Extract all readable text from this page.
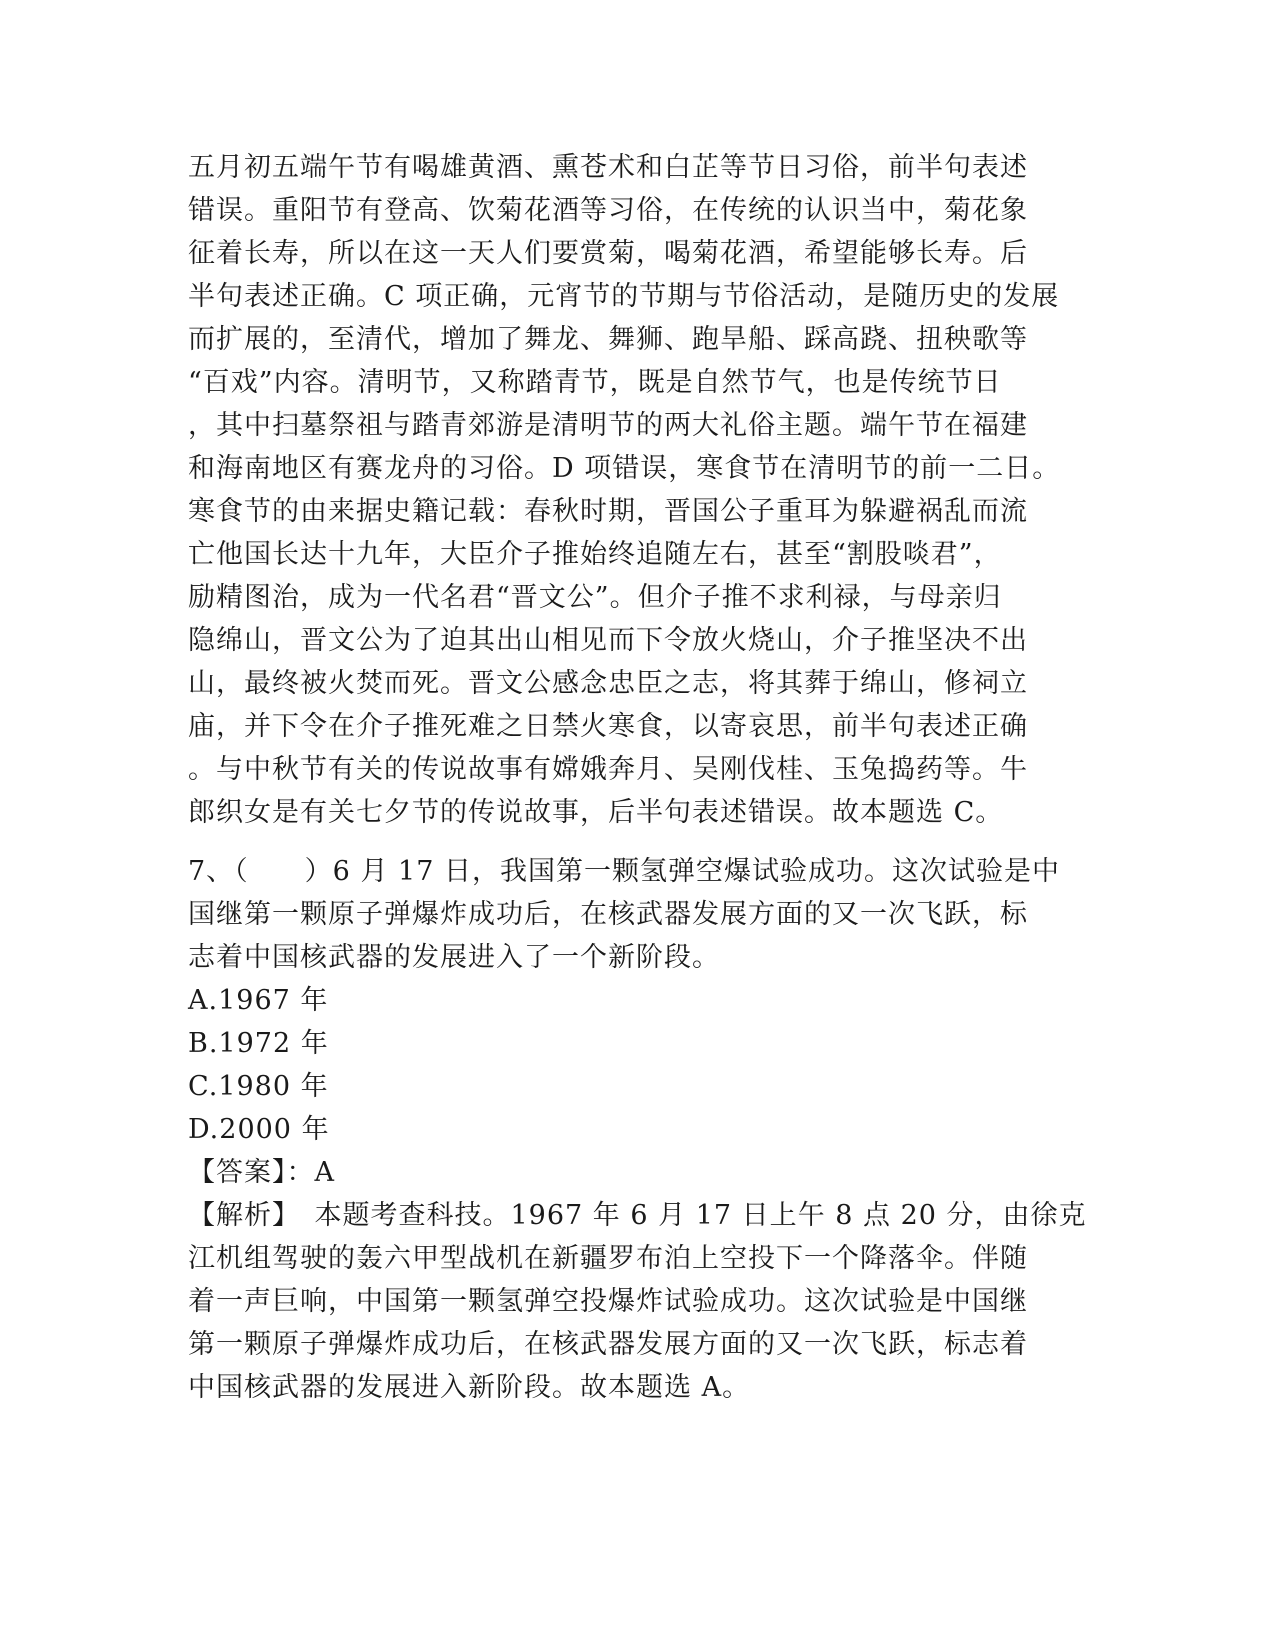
五月初五端午节有喝雄黄酒、熏苍术和白芷等节日习俗，前半句表述
错误。重阳节有登高、饮菊花酒等习俗，在传统的认识当中，菊花象
征着长寿，所以在这一天人们要赏菊，喝菊花酒，希望能够长寿。后
半句表述正确。C 项正确，元宵节的节期与节俗活动，是随历史的发展
而扩展的，至清代，增加了舞龙、舞狮、跑旱船、踩高跷、扭秧歌等
“百戏”内容。清明节，又称踏青节，既是自然节气，也是传统节日
，其中扫墓祭祖与踏青郊游是清明节的两大礼俗主题。端午节在福建
和海南地区有赛龙舟的习俗。D 项错误，寒食节在清明节的前一二日。
寒食节的由来据史籍记载：春秋时期，晋国公子重耳为躲避祸乱而流
亡他国长达十九年，大臣介子推始终追随左右，甚至“割股啖君”，
励精图治，成为一代名君“晋文公”。但介子推不求利禄，与母亲归
隐绵山，晋文公为了迫其出山相见而下令放火烧山，介子推坚决不出
山，最终被火焚而死。晋文公感念忠臣之志，将其葬于绵山，修祠立
庙，并下令在介子推死难之日禁火寒食，以寄哀思，前半句表述正确
。与中秋节有关的传说故事有嫦娥奔月、吴刚伐桂、玉兔捣药等。牛
郎织女是有关七夕节的传说故事，后半句表述错误。故本题选 C。
7、（　　）6 月 17 日，我国第一颗氢弹空爆试验成功。这次试验是中
国继第一颗原子弹爆炸成功后，在核武器发展方面的又一次飞跃，标
志着中国核武器的发展进入了一个新阶段。
A.1967 年
B.1972 年
C.1980 年
D.2000 年
【答案】：A
【解析】　本题考查科技。1967 年 6 月 17 日上午 8 点 20 分，由徐克
江机组驾驶的轰六甲型战机在新疆罗布泊上空投下一个降落伞。伴随
着一声巨响，中国第一颗氢弹空投爆炸试验成功。这次试验是中国继
第一颗原子弹爆炸成功后，在核武器发展方面的又一次飞跃，标志着
中国核武器的发展进入新阶段。故本题选 A。
